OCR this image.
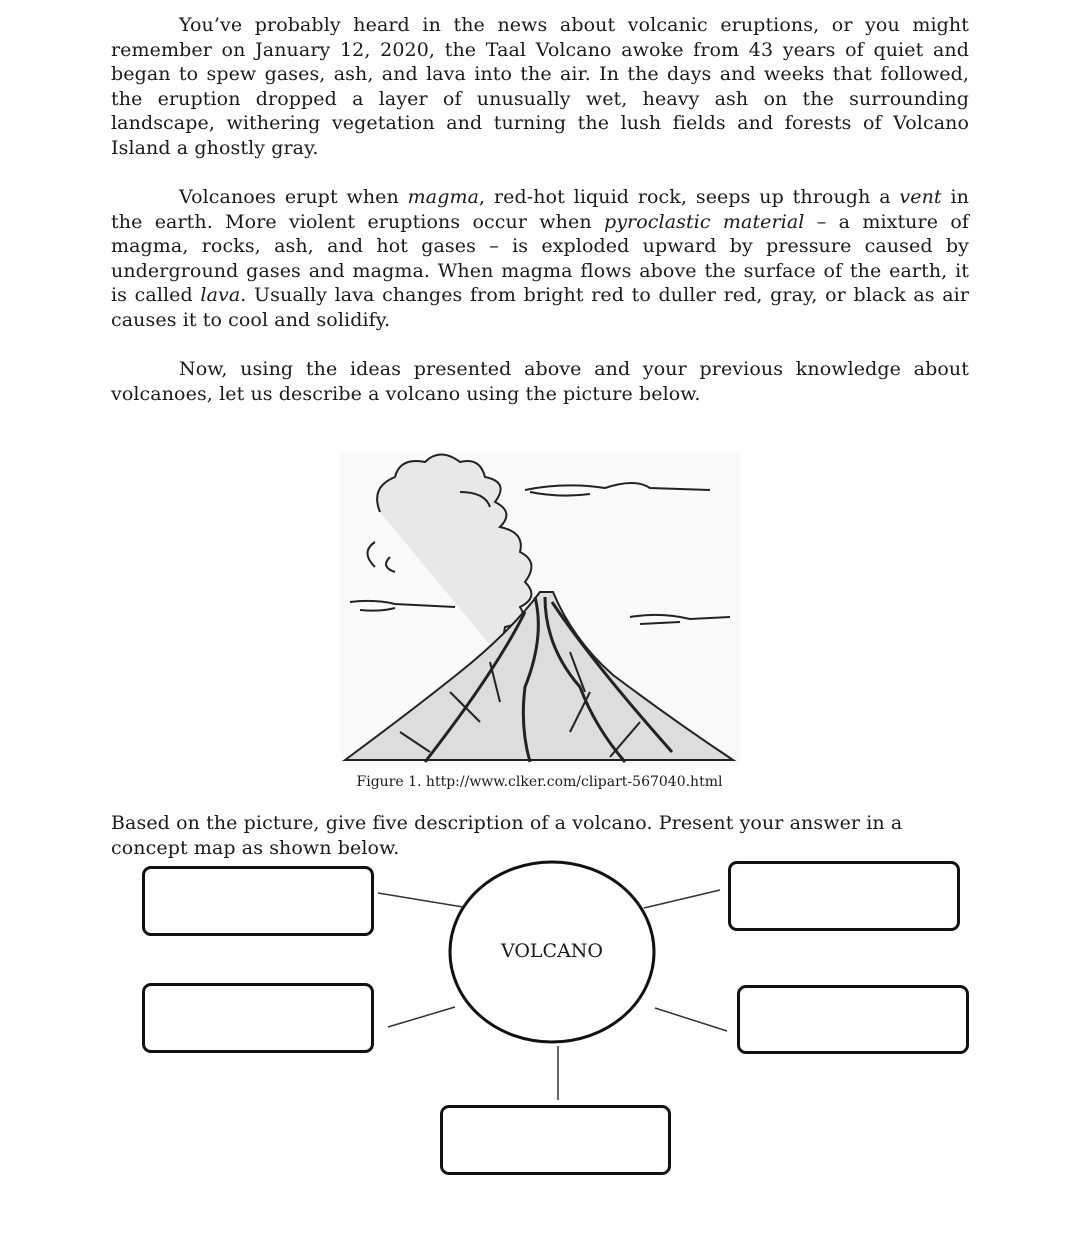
You’ve probably heard in the news about volcanic eruptions, or you might remember on January 12, 2020, the Taal Volcano awoke from 43 years of quiet and began to spew gases, ash, and lava into the air. In the days and weeks that followed, the eruption dropped a layer of unusually wet, heavy ash on the surrounding landscape, withering vegetation and turning the lush fields and forests of Volcano Island a ghostly gray.

Volcanoes erupt when magma, red-hot liquid rock, seeps up through a vent in the earth. More violent eruptions occur when pyroclastic material – a mixture of magma, rocks, ash, and hot gases – is exploded upward by pressure caused by underground gases and magma. When magma flows above the surface of the earth, it is called lava. Usually lava changes from bright red to duller red, gray, or black as air causes it to cool and solidify.

Now, using the ideas presented above and your previous knowledge about volcanoes, let us describe a volcano using the picture below.

Figure 1. http://www.clker.com/clipart-567040.html

Based on the picture, give five description of a volcano. Present your answer in a concept map as shown below.

VOLCANO
